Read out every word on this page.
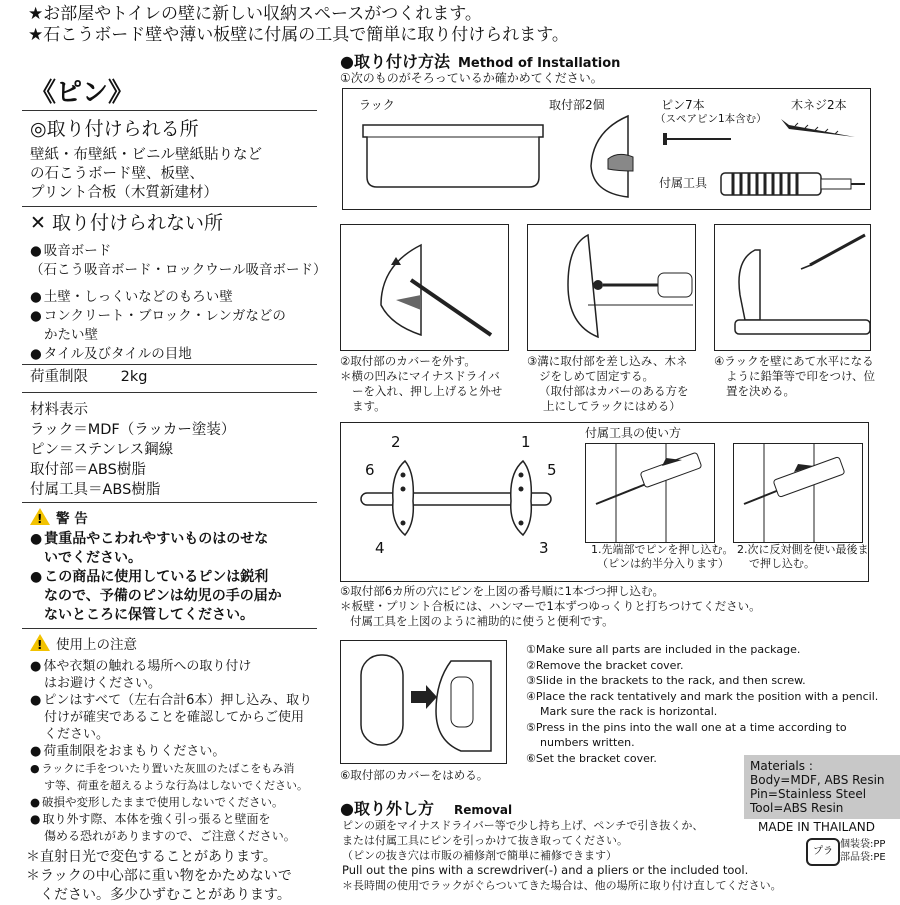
★お部屋やトイレの壁に新しい収納スペースがつくれます。
★石こうボード壁や薄い板壁に付属の工具で簡単に取り付けられます。
《ピン》
◎取り付けられる所
壁紙・布壁紙・ビニル壁紙貼りなど
の石こうボード壁、板壁、
プリント合板（木質新建材）
✕ 取り付けられない所
● 吸音ボード
（石こう吸音ボード・ロックウール吸音ボード）
● 土壁・しっくいなどのもろい壁
● コンクリート・ブロック・レンガなどの
かたい壁
● タイル及びタイルの目地
荷重制限 2kg
材料表示
ラック＝MDF（ラッカー塗装）
ピン＝ステンレス鋼線
取付部＝ABS樹脂
付属工具＝ABS樹脂
!警 告
● 貴重品やこわれやすいものはのせな
いでください。
● この商品に使用しているピンは鋭利
なので、予備のピンは幼児の手の届か
ないところに保管してください。
!使用上の注意
● 体や衣類の触れる場所への取り付け
はお避けください。
● ピンはすべて（左右合計6本）押し込み、取り
付けが確実であることを確認してからご使用
ください。
● 荷重制限をおまもりください。
● ラックに手をついたり置いた灰皿のたばこをもみ消
す等、荷重を超えるような行為はしないでください。
● 破損や変形したままで使用しないでください。
● 取り外す際、本体を強く引っ張ると壁面を
傷める恐れがありますので、ご注意ください。
＊直射日光で変色することがあります。
＊ラックの中心部に重い物をかためないで
ください。多少ひずむことがあります。
●取り付け方法 Method of Installation
①次のものがそろっているか確かめてください。
ラック	取付部2個	ピン7本
（スペアピン1本含む）
木ネジ2本
付属工具
②取付部のカバーを外す。
＊横の凹みにマイナスドライバ
ーを入れ、押し上げると外せ
ます。
③溝に取付部を差し込み、木ネ
ジをしめて固定する。
（取付部はカバーのある方を
上にしてラックにはめる）
④ラックを壁にあて水平になる
ように鉛筆等で印をつけ、位
置を決める。
2	1
6	5
4	3
付属工具の使い方
1.先端部でピンを押し込む。
（ピンは約半分入ります）
2.次に反対側を使い最後ま
で押し込む。
⑤取付部6カ所の穴にピンを上図の番号順に1本づつ押し込む。
＊板壁・プリント合板には、ハンマーで1本ずつゆっくりと打ちつけてください。
付属工具を上図のように補助的に使うと便利です。
⑥取付部のカバーをはめる。
①Make sure all parts are included in the package.
②Remove the bracket cover.
③Slide in the brackets to the rack, and then screw.
④Place the rack tentatively and mark the position with a pencil.
Mark sure the rack is horizontal.
⑤Press in the pins into the wall one at a time according to
numbers written.
⑥Set the bracket cover.
Materials :
Body=MDF, ABS Resin
Pin=Stainless Steel
Tool=ABS Resin
●取り外し方 Removal
ピンの頭をマイナスドライバー等で少し持ち上げ、ペンチで引き抜くか、
または付属工具にピンを引っかけて抜き取ってください。
（ピンの抜き穴は市販の補修剤で簡単に補修できます）
Pull out the pins with a screwdriver(-) and a pliers or the included tool.
＊長時間の使用でラックがぐらついてきた場合は、他の場所に取り付け直してください。
MADE IN THAILAND
プラ
個装袋:PP
部品袋:PE
